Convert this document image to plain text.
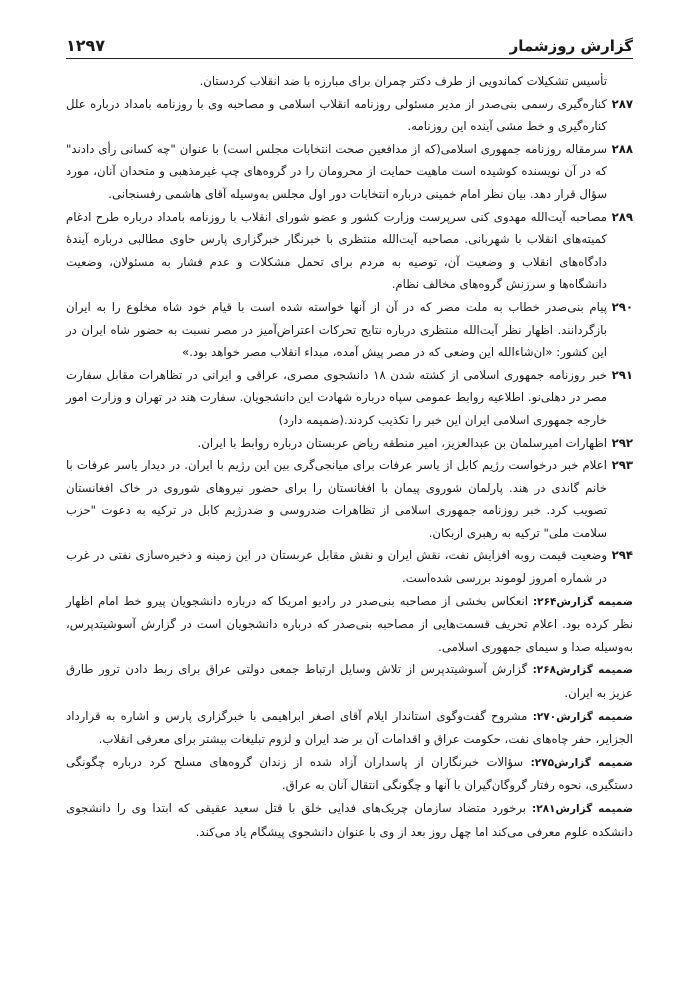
گزارش روزشمار
۱۲۹۷
تأسیس تشکیلات کماندویی از طرف دکتر چمران برای مبارزه با ضد انقلاب کردستان.
۲۸۷
کناره‌گیری رسمی بنی‌صدر از مدیر مسئولی روزنامه انقلاب اسلامی و مصاحبه وی با روزنامه بامداد درباره علل کناره‌گیری و خط مشی آینده این روزنامه.
۲۸۸
سرمقاله روزنامه جمهوری اسلامی(که از مدافعین صحت انتخابات مجلس است) با عنوان "چه کسانی رأی دادند" که در آن نویسنده کوشیده است ماهیت حمایت از محرومان را در گروه‌های چپ غیرمذهبی و متحدان آنان، مورد سؤال قرار دهد. بیان نظر امام خمینی درباره انتخابات دور اول مجلس به‌وسیله آقای هاشمی رفسنجانی.
۲۸۹
مصاحبه آیت‌الله مهدوی کنی سرپرست وزارت کشور و عضو شورای انقلاب با روزنامه بامداد درباره طرح ادغام کمیته‌های انقلاب با شهربانی. مصاحبه آیت‌الله منتظری با خبرنگار خبرگزاری پارس حاوی مطالبی درباره آیندهٔ دادگاه‌های انقلاب و وضعیت آن، توصیه به مردم برای تحمل مشکلات و عدم فشار به مسئولان، وضعیت دانشگاه‌ها و سرزنش گروه‌های مخالف نظام.
۲۹۰
پیام بنی‌صدر خطاب به ملت مصر که در آن از آنها خواسته شده است با قیام خود شاه مخلوع را به ایران بازگردانند. اظهار نظر آیت‌الله منتظری درباره نتایج تحرکات اعتراض‌آمیز در مصر نسبت به حضور شاه ایران در این کشور: «ان‌شاءالله این وضعی که در مصر پیش آمده، مبداء انقلاب مصر خواهد بود.»
۲۹۱
خبر روزنامه جمهوری اسلامی از کشته شدن ۱۸ دانشجوی مصری، عراقی و ایرانی در تظاهرات مقابل سفارت مصر در دهلی‌نو. اطلاعیه روابط عمومی سپاه درباره شهادت این دانشجویان. سفارت هند در تهران و وزارت امور خارجه جمهوری اسلامی ایران این خبر را تکذیب کردند.(ضمیمه دارد)
۲۹۲
اظهارات امیرسلمان بن عبدالعزیز، امیر منطقه ریاض عربستان درباره روابط با ایران.
۲۹۳
اعلام خبر درخواست رژیم کابل از یاسر عرفات برای میانجی‌گری بین این رژیم با ایران. در دیدار یاسر عرفات با خانم گاندی در هند. پارلمان شوروی پیمان با افغانستان را برای حضور نیروهای شوروی در خاک افغانستان تصویب کرد. خبر روزنامه جمهوری اسلامی از تظاهرات ضدروسی و ضدرژیم کابل در ترکیه به دعوت "حزب سلامت ملی" ترکیه به رهبری اربکان.
۲۹۴
وضعیت قیمت روبه افزایش نفت، نقش ایران و نقش مقابل عربستان در این زمینه و ذخیره‌سازی نفتی در غرب در شماره امروز لوموند بررسی شده‌است.
ضمیمه گزارش۲۶۴: انعکاس بخشی از مصاحبه بنی‌صدر در رادیو امریکا که درباره دانشجویان پیرو خط امام اظهار نظر کرده بود. اعلام تحریف قسمت‌هایی از مصاحبه بنی‌صدر که درباره دانشجویان است در گزارش آسوشیتدپرس، به‌وسیله صدا و سیمای جمهوری اسلامی.
ضمیمه گزارش۲۶۸: گزارش آسوشیتدپرس از تلاش وسایل ارتباط جمعی دولتی عراق برای ربط دادن ترور طارق عزیز به ایران.
ضمیمه گزارش۲۷۰: مشروح گفت‌وگوی استاندار ایلام آقای اصغر ابراهیمی با خبرگزاری پارس و اشاره به قرارداد الجزایر، حفر چاه‌های نفت، حکومت عراق و اقدامات آن بر ضد ایران و لزوم تبلیغات بیشتر برای معرفی انقلاب.
ضمیمه گزارش۲۷۵: سؤالات خبرنگاران از پاسداران آزاد شده از زندان گروه‌های مسلح کرد درباره چگونگی دستگیری، نحوه رفتار گروگان‌گیران با آنها و چگونگی انتقال آنان به عراق.
ضمیمه گزارش۲۸۱: برخورد متضاد سازمان چریک‌های فدایی خلق با قتل سعید عقیقی که ابتدا وی را دانشجوی دانشکده علوم معرفی می‌کند اما چهل روز بعد از وی با عنوان دانشجوی پیشگام یاد می‌کند.
